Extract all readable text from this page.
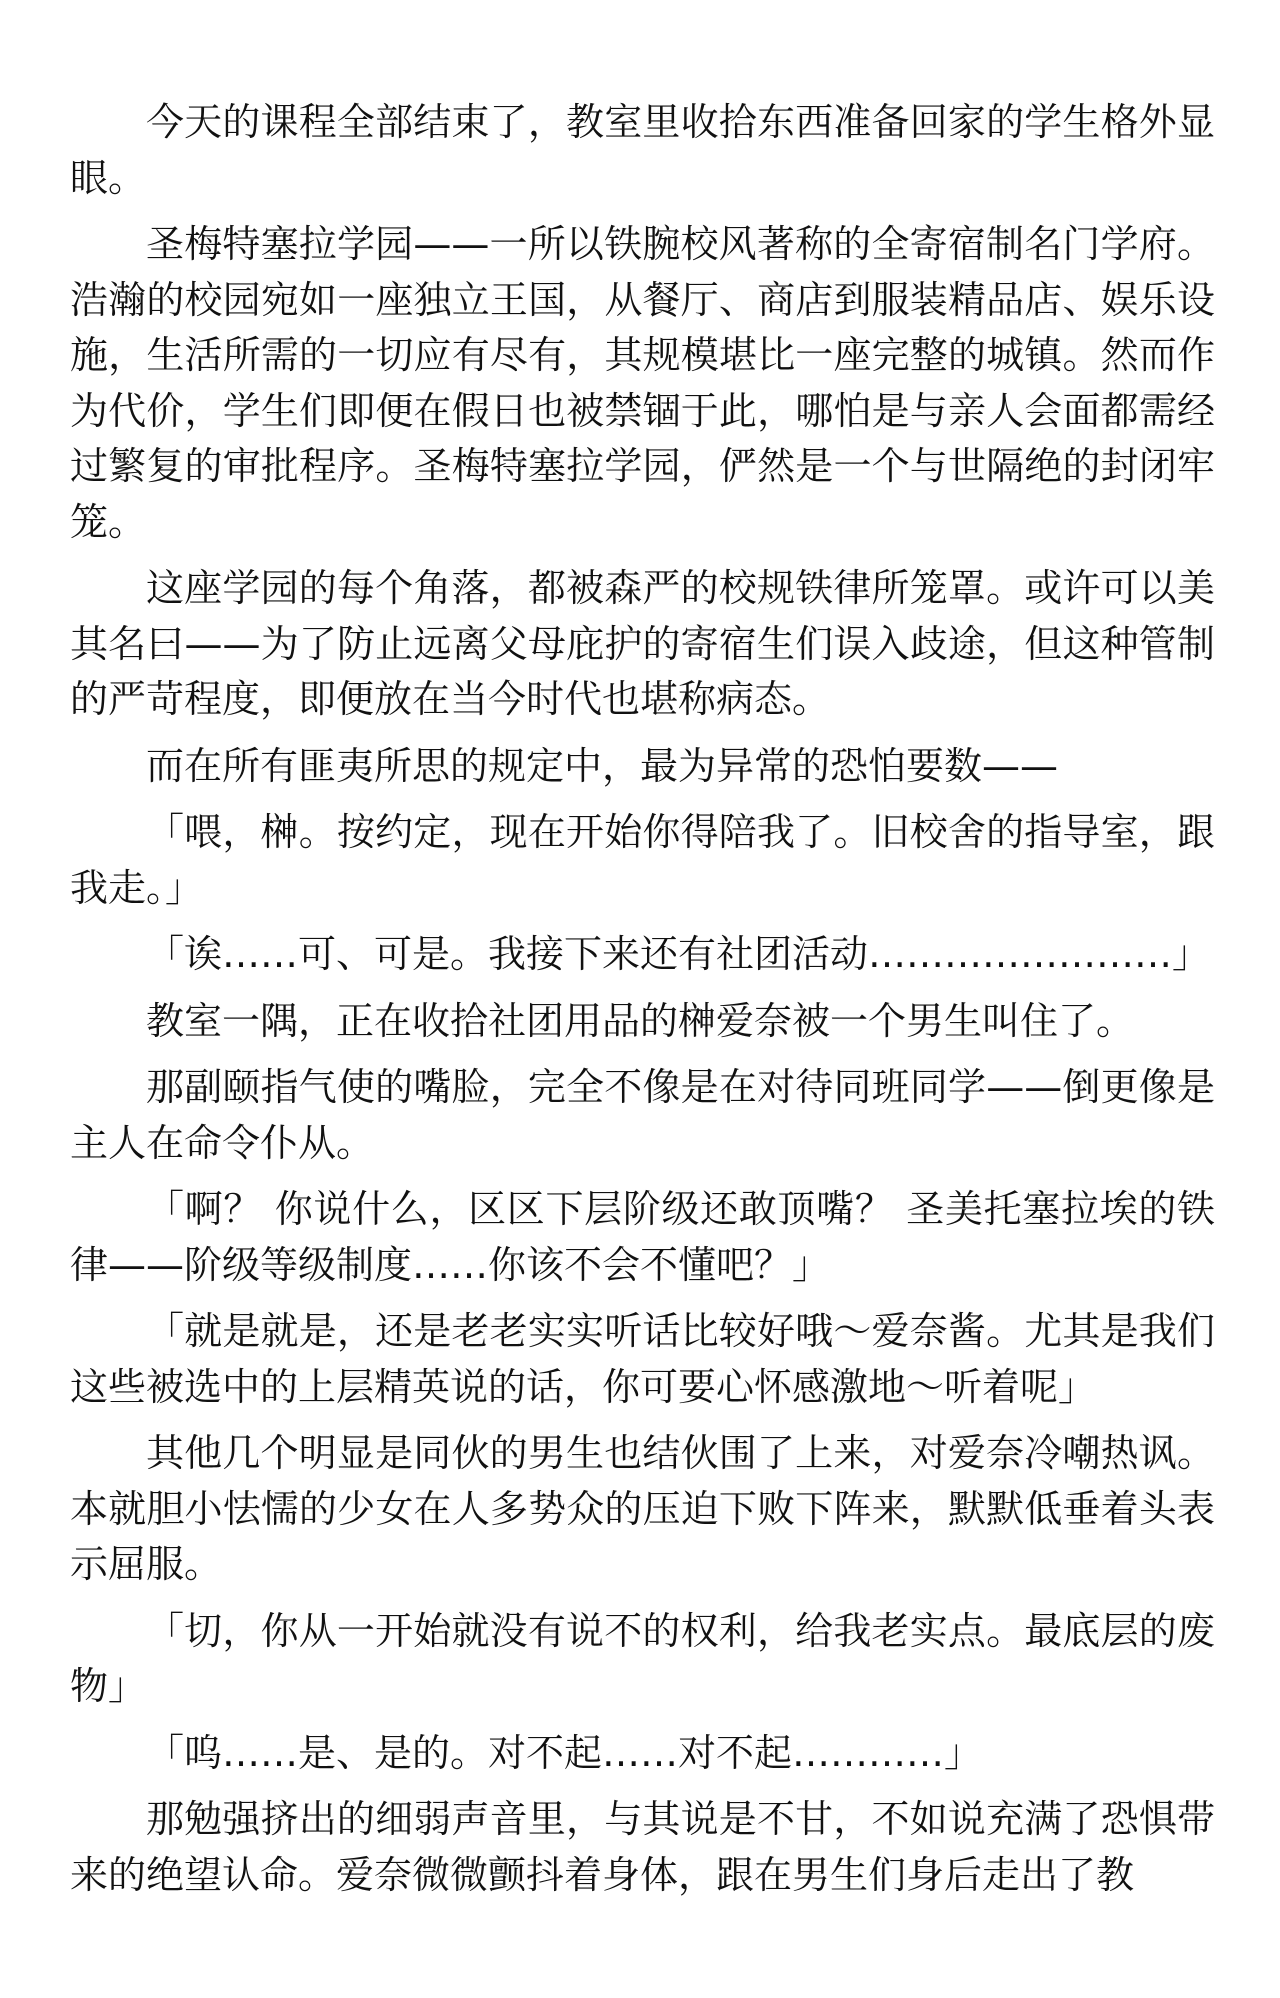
今天的课程全部结束了，教室里收拾东西准备回家的学生格外显眼。

圣梅特塞拉学园——一所以铁腕校风著称的全寄宿制名门学府。浩瀚的校园宛如一座独立王国，从餐厅、商店到服装精品店、娱乐设施，生活所需的一切应有尽有，其规模堪比一座完整的城镇。然而作为代价，学生们即便在假日也被禁锢于此，哪怕是与亲人会面都需经过繁复的审批程序。圣梅特塞拉学园，俨然是一个与世隔绝的封闭牢笼。

这座学园的每个角落，都被森严的校规铁律所笼罩。或许可以美其名曰——为了防止远离父母庇护的寄宿生们误入歧途，但这种管制的严苛程度，即便放在当今时代也堪称病态。

而在所有匪夷所思的规定中，最为异常的恐怕要数——

「喂，榊。按约定，现在开始你得陪我了。旧校舍的指导室，跟我走。」

「诶……可、可是。我接下来还有社团活动……………………」

教室一隅，正在收拾社团用品的榊爱奈被一个男生叫住了。

那副颐指气使的嘴脸，完全不像是在对待同班同学——倒更像是主人在命令仆从。

「啊？ 你说什么，区区下层阶级还敢顶嘴？ 圣美托塞拉埃的铁律——阶级等级制度……你该不会不懂吧？」

「就是就是，还是老老实实听话比较好哦～爱奈酱。尤其是我们这些被选中的上层精英说的话，你可要心怀感激地～听着呢」

其他几个明显是同伙的男生也结伙围了上来，对爱奈冷嘲热讽。本就胆小怯懦的少女在人多势众的压迫下败下阵来，默默低垂着头表示屈服。

「切，你从一开始就没有说不的权利，给我老实点。最底层的废物」

「呜……是、是的。对不起……对不起…………」

那勉强挤出的细弱声音里，与其说是不甘，不如说充满了恐惧带来的绝望认命。爱奈微微颤抖着身体，跟在男生们身后走出了教
